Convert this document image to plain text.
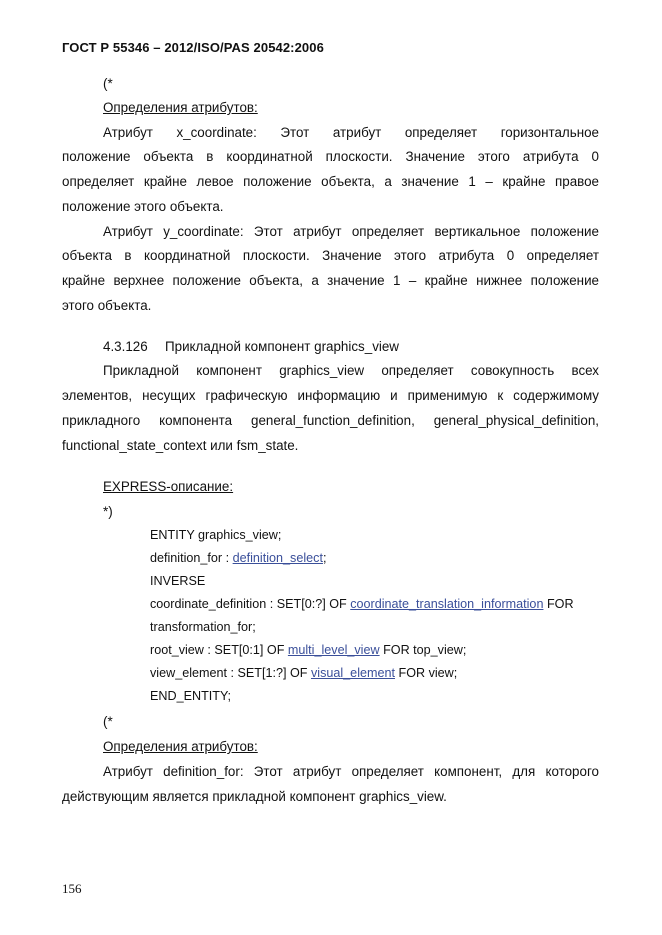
ГОСТ Р 55346 – 2012/ISO/PAS 20542:2006
(*
Определения атрибутов:
Атрибут x_coordinate: Этот атрибут определяет горизонтальное
положение объекта в координатной плоскости. Значение этого атрибута 0
определяет крайне левое положение объекта, а значение 1 – крайне правое
положение этого объекта.
Атрибут y_coordinate: Этот атрибут определяет вертикальное положение
объекта в координатной плоскости. Значение этого атрибута 0 определяет
крайне верхнее положение объекта, а значение 1 – крайне нижнее положение
этого объекта.
4.3.126 Прикладной компонент graphics_view
Прикладной компонент graphics_view определяет совокупность всех
элементов, несущих графическую информацию и применимую к содержимому
прикладного компонента general_function_definition, general_physical_definition,
functional_state_context или fsm_state.
EXPRESS-описание:
*)
ENTITY graphics_view;
definition_for : definition_select;
INVERSE
coordinate_definition : SET[0:?] OF coordinate_translation_information FOR
transformation_for;
root_view : SET[0:1] OF multi_level_view FOR top_view;
view_element : SET[1:?] OF visual_element FOR view;
END_ENTITY;
(*
Определения атрибутов:
Атрибут definition_for: Этот атрибут определяет компонент, для которого
действующим является прикладной компонент graphics_view.
156
